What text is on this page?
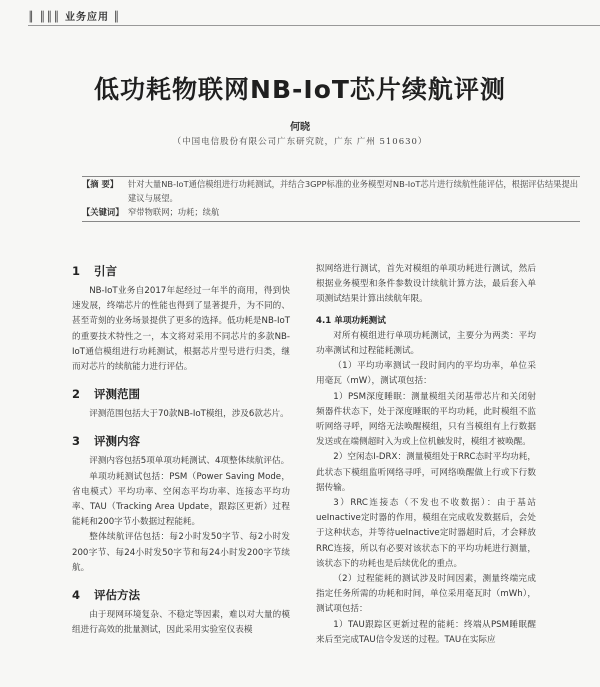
║ ║║║ 业务应用 ║
低功耗物联网NB-IoT芯片续航评测
何晓
（中国电信股份有限公司广东研究院，广东 广州 510630）
【摘 要】	针对大量NB-IoT通信模组进行功耗测试，并结合3GPP标准的业务模型对NB-IoT芯片进行续航性能评估，根据评估结果提出建议与展望。
【关键词】 窄带物联网；功耗；续航
1 引言

NB-IoT业务自2017年起经过一年半的商用，得到快速发展，终端芯片的性能也得到了显著提升，为不同的、甚至苛刻的业务场景提供了更多的选择。低功耗是NB-IoT的重要技术特性之一，本文将对采用不同芯片的多款NB-IoT通信模组进行功耗测试，根据芯片型号进行归类，继而对芯片的续航能力进行评估。

2 评测范围

评测范围包括大于70款NB-IoT模组，涉及6款芯片。

3 评测内容

评测内容包括5项单项功耗测试、4项整体续航评估。

单项功耗测试包括：PSM（Power Saving Mode，省电模式）平均功率、空闲态平均功率、连接态平均功率、TAU（Tracking Area Update，跟踪区更新）过程能耗和200字节小数据过程能耗。

整体续航评估包括：每2小时发50字节、每2小时发200字节、每24小时发50字节和每24小时发200字节续航。

4 评估方法

由于现网环境复杂、不稳定等因素，难以对大量的模组进行高效的批量测试，因此采用实验室仪表模

拟网络进行测试，首先对模组的单项功耗进行测试，然后根据业务模型和条件参数设计续航计算方法，最后套入单项测试结果计算出续航年限。

4.1 单项功耗测试

对所有模组进行单项功耗测试，主要分为两类：平均功率测试和过程能耗测试。

（1）平均功率测试一段时间内的平均功率，单位采用毫瓦（mW），测试项包括：

1）PSM深度睡眠：测量模组关闭基带芯片和关闭射频器件状态下，处于深度睡眠的平均功耗，此时模组不监听网络寻呼，网络无法唤醒模组，只有当模组有上行数据发送或在端侧超时入为或上位机触发时，模组才被唤醒。

2）空闲态I-DRX：测量模组处于RRC态时平均功耗，此状态下模组监听网络寻呼，可网络唤醒做上行或下行数据传输。

3）RRC连接态（不发也不收数据）：由于基站ueInactive定时器的作用，模组在完成收发数据后，会处于这种状态，并等待ueInactive定时器超时后，才会释放RRC连接，所以有必要对该状态下的平均功耗进行测量，该状态下的功耗也是后续优化的重点。

（2）过程能耗的测试涉及时间因素，测量终端完成指定任务所需的功耗和时间，单位采用毫瓦时（mWh），测试项包括：

1）TAU跟踪区更新过程的能耗：终端从PSM睡眠醒来后至完成TAU信令发送的过程。TAU在实际应
